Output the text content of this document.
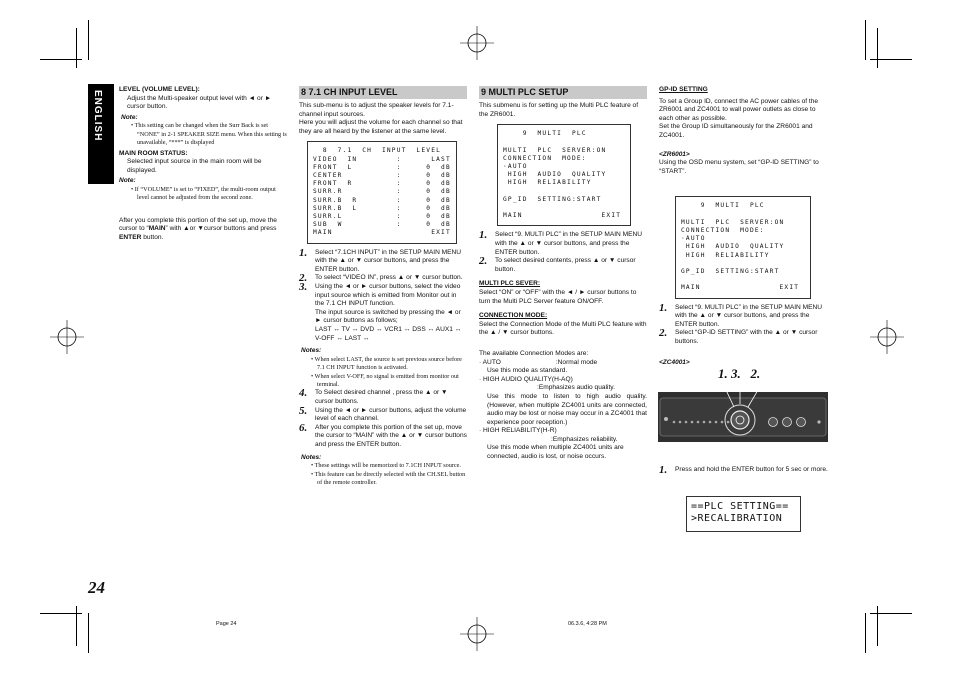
ENGLISH
24
Page 24	06.3.6, 4:28 PM

LEVEL (VOLUME LEVEL):

Adjust the Multi-speaker output level with ◄ or ► cursor button.

Note:

• This setting can be changed when the Surr Back is set “NONE” in 2-1 SPEAKER SIZE menu. When this setting is unavailable, “***” is displayed

MAIN ROOM STATUS:

Selected input source in the main room will be displayed.

Note:

• If “VOLUME” is set to “FIXED”, the multi-room output level cannot be adjusted from the second zone.

After you complete this portion of the set up, move the cursor to “MAIN” with ▲or ▼cursor buttons and press ENTER button.

8 7.1 CH INPUT LEVEL

This sub-menu is to adjust the speaker levels for 7.1-channel input sources.
Here you will adjust the volume for each channel so that they are all heard by the listener at the same level.

8  7.1  CH  INPUT  LEVEL
VIDEO  IN        :      LAST
FRONT  L         :     0  dB
CENTER           :     0  dB
FRONT  R         :     0  dB
SURR.R           :     0  dB
SURR.B  R        :     0  dB
SURR.B  L        :     0  dB
SURR.L           :     0  dB
SUB  W           :     0  dB
MAIN                    EXIT
1.	Select “7.1CH INPUT” in the SETUP MAIN MENU with the ▲ or ▼ cursor buttons, and press the ENTER button.
2.	To select “VIDEO IN”, press ▲ or ▼ cursor button.
3.	Using the ◄ or ► cursor buttons, select the video input source which is emitted from Monitor out in the 7.1 CH INPUT function.

The input source is switched by pressing the ◄ or ► cursor buttons as follows;

LAST ↔ TV ↔ DVD ↔ VCR1 ↔ DSS ↔ AUX1 ↔ V-OFF ↔ LAST ↔

Notes:

• When select LAST, the source is set previous source before 7.1 CH INPUT function is activated.

• When select V-OFF, no signal is emitted from monitor out terminal.

4.	To Select desired channel , press the ▲ or ▼ cursor buttons.
5.	Using the ◄ or ► cursor buttons, adjust the volume level of each channel.
6.	After you complete this portion of the set up, move the cursor to “MAIN” with the ▲ or ▼ cursor buttons and press the ENTER button.

Notes:

• These settings will be memorized to 7.1CH INPUT source.

• This feature can be directly selected with the CH.SEL button of the remote controller.

9 MULTI PLC SETUP

This submenu is for setting up the Multi PLC feature of the ZR6001.

9  MULTI  PLC

MULTI  PLC  SERVER:ON
CONNECTION  MODE:
·AUTO
HIGH  AUDIO  QUALITY
HIGH  RELIABILITY

GP_ID  SETTING:START

MAIN                EXIT
1.	Select “9. MULTI PLC” in the SETUP MAIN MENU with the ▲ or ▼ cursor buttons, and press the ENTER button.
2.	To select desired contents, press ▲ or ▼ cursor button.

MULTI PLC SEVER:

Select “ON” or “OFF” with the ◄ / ► cursor buttons to turn the Multi PLC Server feature ON/OFF.

CONNECTION MODE:

Select the Connection Mode of the Multi PLC feature with the ▲ / ▼ cursor buttons.

The available Connection Modes are:

· AUTO                              :Normal mode

Use this mode as standard.

· HIGH AUDIO QUALITY(H-AQ)

:Emphasizes audio quality.

Use this mode to listen to high audio quality. (However, when multiple ZC4001 units are connected, audio may be lost or noise may occur in a ZC4001 that experience poor reception.)

· HIGH RELIABILITY(H-R)

:Emphasizes reliability.

Use this mode when multiple ZC4001 units are connected, audio is lost, or noise occurs.

GP-ID SETTING

To set a Group ID, connect the AC power cables of the ZR6001 and ZC4001 to wall power outlets as close to each other as possible.
Set the Group ID simultaneously for the ZR6001 and ZC4001.

<ZR6001>

Using the OSD menu system, set “GP-ID SETTING” to “START”.

9  MULTI  PLC

MULTI  PLC  SERVER:ON
CONNECTION  MODE:
·AUTO
HIGH  AUDIO  QUALITY
HIGH  RELIABILITY

GP_ID  SETTING:START

MAIN                EXIT
1.	Select “9. MULTI PLC” in the SETUP MAIN MENU with the ▲ or ▼ cursor buttons, and press the ENTER button.
2.	Select “GP-ID SETTING” with the ▲ or ▼ cursor buttons.

<ZC4001>

1. 3.   2.
1.	Press and hold the ENTER button for 5 sec or more.
==PLC SETTING==
>RECALIBRATION
